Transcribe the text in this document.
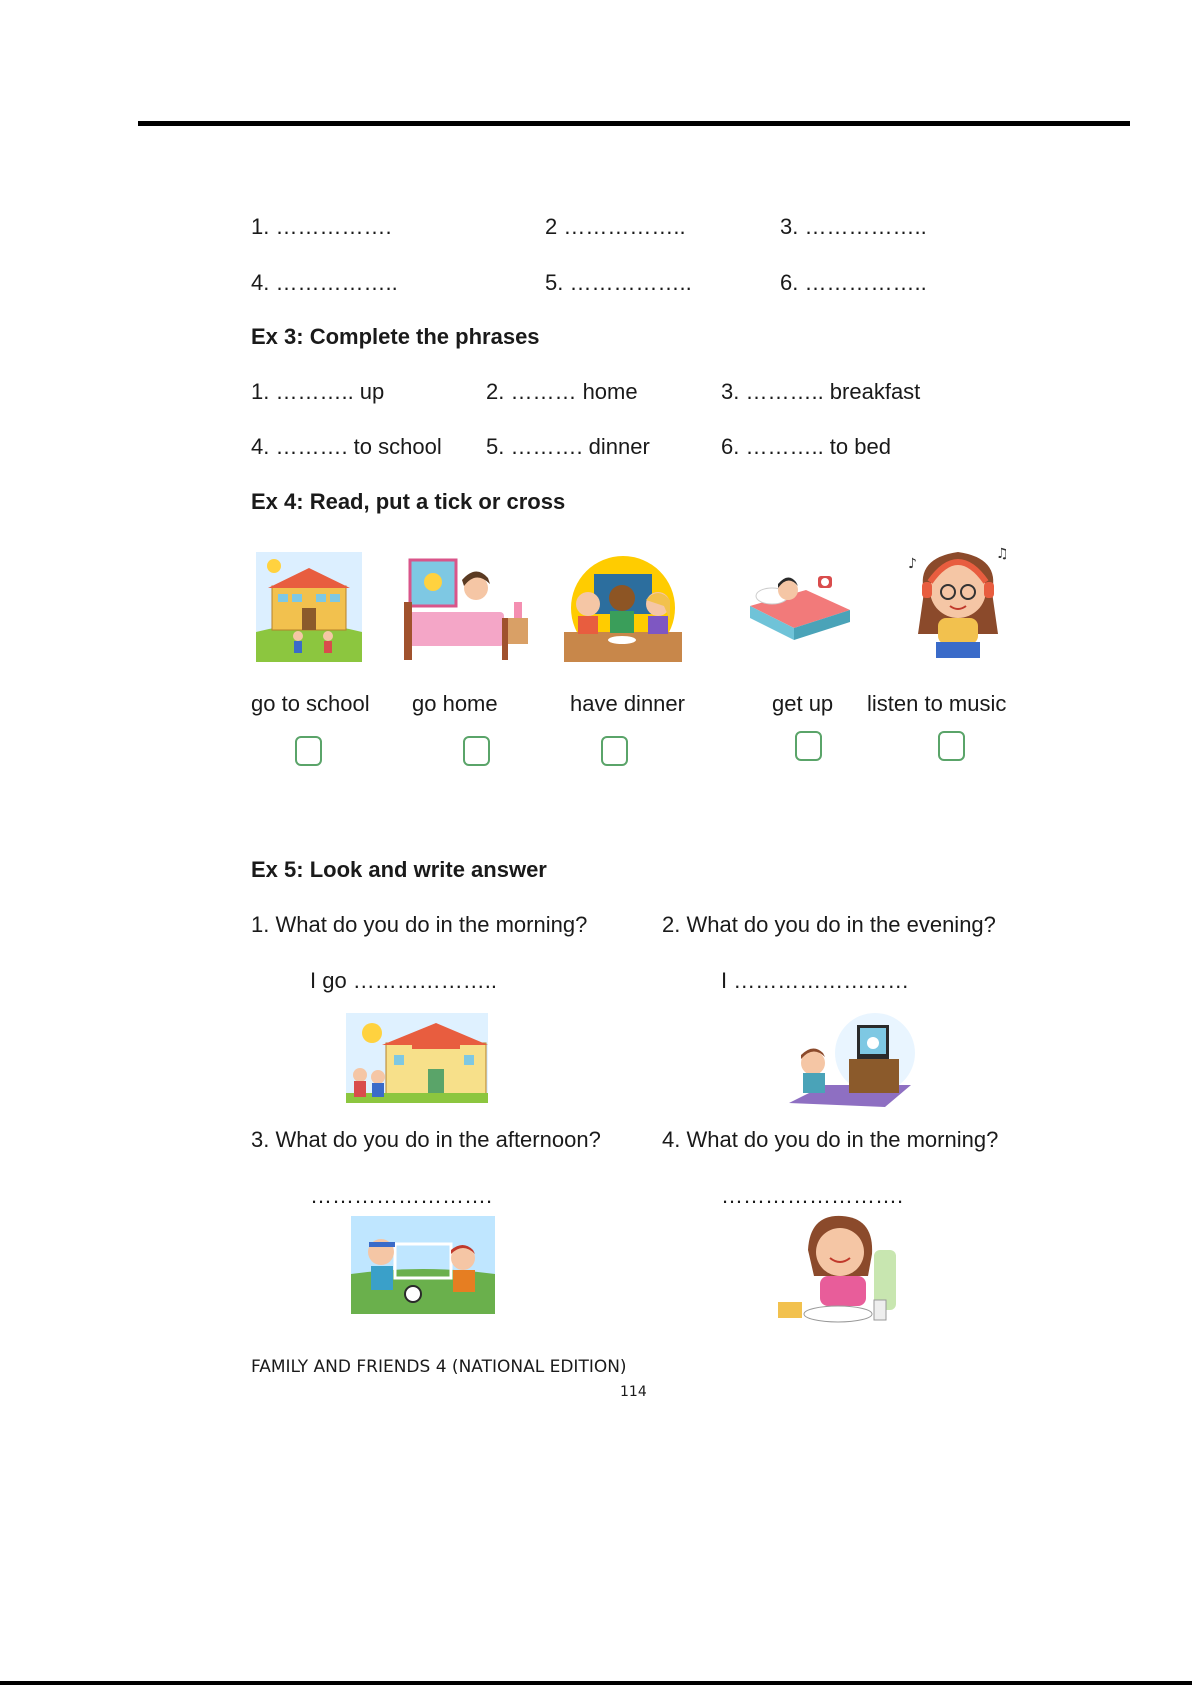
1. …………….	2 ……………..	3. ……………..
4. ……………..	5. ……………..	6. ……………..
Ex 3: Complete the phrases
1. ……….. up	2. ……… home	3. ……….. breakfast
4. ………. to school 5. ………. dinner	6. ……….. to bed
Ex 4: Read, put a tick or cross
♪
♫
go to school go home	have dinner	get up listen to music
Ex 5: Look and write answer
1. What do you do in the morning?	2. What do you do in the evening?
I go ………………..	I ……………………
3. What do you do in the afternoon?	4. What do you do in the morning?
…………………….	…………………….
FAMILY AND FRIENDS 4 (NATIONAL EDITION)
114
